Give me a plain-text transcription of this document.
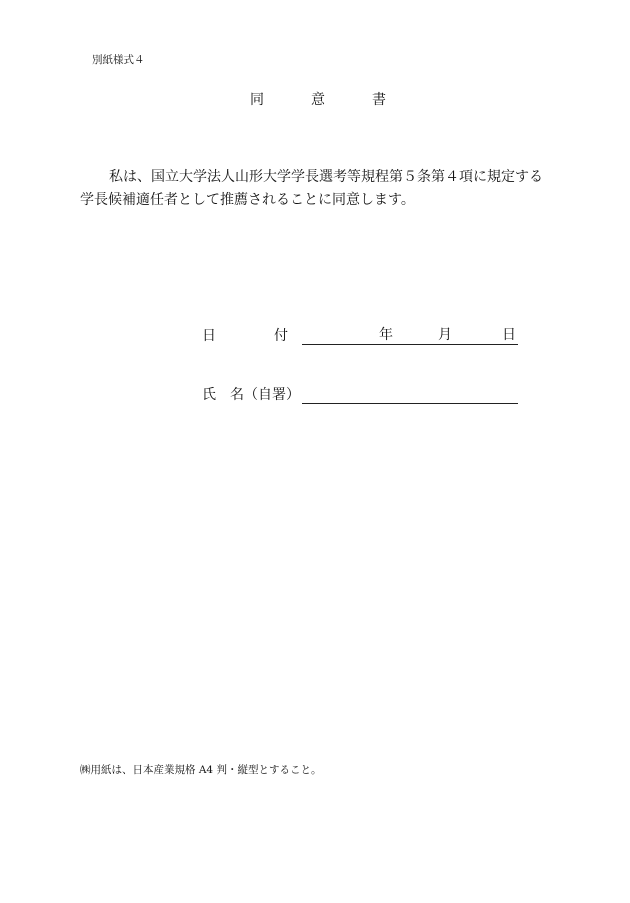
別紙様式４
同	意	書

私は、国立大学法人山形大学学長選考等規程第５条第４項に規定する学長候補適任者として推薦されることに同意します。

日	付	年	月	日
氏　名（自署）
㈱用紙は、日本産業規格 A4 判・縦型とすること。
